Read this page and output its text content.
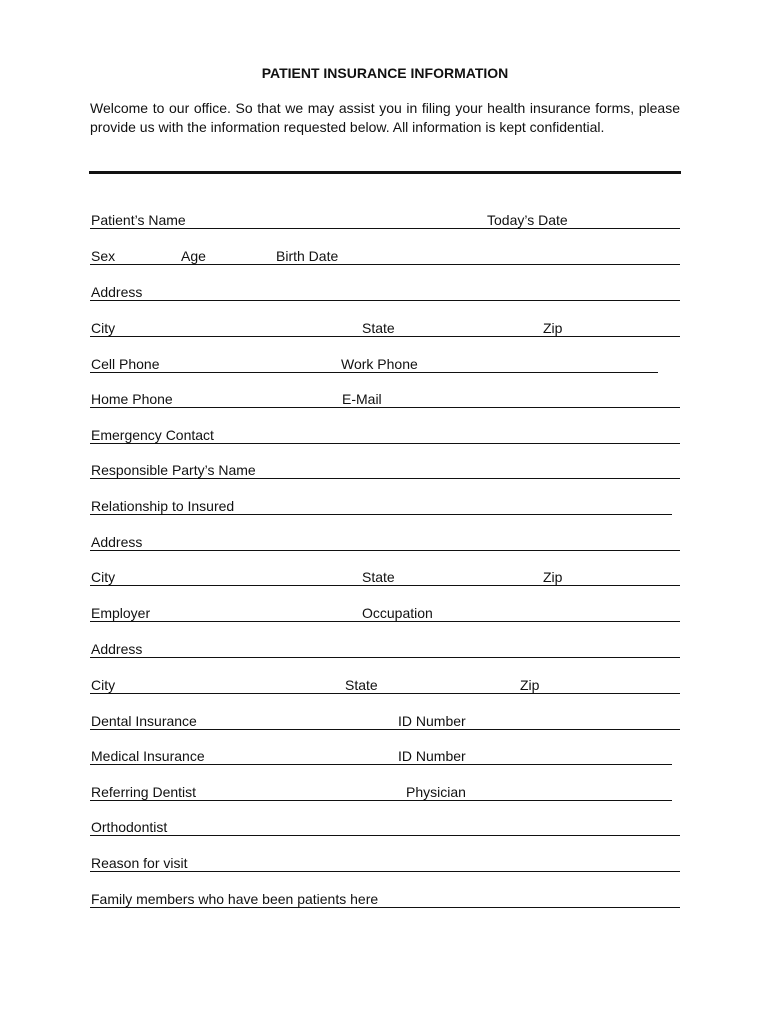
PATIENT INSURANCE INFORMATION
Welcome to our office. So that we may assist you in filing your health insurance forms, please provide us with the information requested below. All information is kept confidential.
Patient’s Name	Today’s Date
Sex	Age	Birth Date
Address
City	State	Zip
Cell Phone	Work Phone
Home Phone	E-Mail
Emergency Contact
Responsible Party’s Name
Relationship to Insured
Address
City	State	Zip
Employer	Occupation
Address
City	State	Zip
Dental Insurance	ID Number
Medical Insurance	ID Number
Referring Dentist	Physician
Orthodontist
Reason for visit
Family members who have been patients here
